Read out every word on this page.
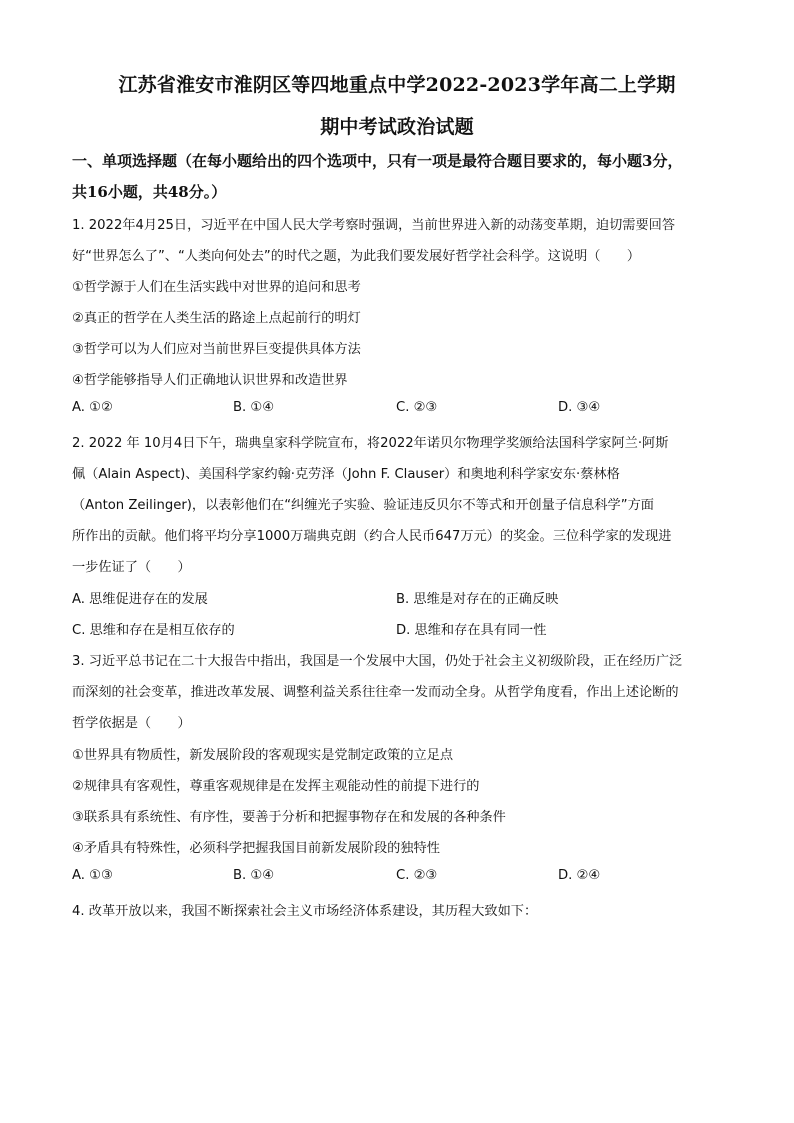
江苏省淮安市淮阴区等四地重点中学2022-2023学年高二上学期
期中考试政治试题
一、单项选择题（在每小题给出的四个选项中，只有一项是最符合题目要求的，每小题3分，
共16小题，共48分。）
1. 2022年4月25日，习近平在中国人民大学考察时强调，当前世界进入新的动荡变革期，迫切需要回答
好“世界怎么了”、“人类向何处去”的时代之题，为此我们要发展好哲学社会科学。这说明（　　）
①哲学源于人们在生活实践中对世界的追问和思考
②真正的哲学在人类生活的路途上点起前行的明灯
③哲学可以为人们应对当前世界巨变提供具体方法
④哲学能够指导人们正确地认识世界和改造世界
A. ①②	B. ①④	C. ②③	D. ③④
2. 2022 年 10月4日下午，瑞典皇家科学院宣布，将2022年诺贝尔物理学奖颁给法国科学家阿兰·阿斯
佩（Alain Aspect)、美国科学家约翰·克劳泽（John F. Clauser）和奥地利科学家安东·蔡林格
（Anton Zeilinger)，以表彰他们在“纠缠光子实验、验证违反贝尔不等式和开创量子信息科学”方面
所作出的贡献。他们将平均分享1000万瑞典克朗（约合人民币647万元）的奖金。三位科学家的发现进
一步佐证了（　　）
A. 思维促进存在的发展	B. 思维是对存在的正确反映
C. 思维和存在是相互依存的	D. 思维和存在具有同一性
3. 习近平总书记在二十大报告中指出，我国是一个发展中大国，仍处于社会主义初级阶段，正在经历广泛
而深刻的社会变革，推进改革发展、调整利益关系往往牵一发而动全身。从哲学角度看，作出上述论断的
哲学依据是（　　）
①世界具有物质性，新发展阶段的客观现实是党制定政策的立足点
②规律具有客观性，尊重客观规律是在发挥主观能动性的前提下进行的
③联系具有系统性、有序性，要善于分析和把握事物存在和发展的各种条件
④矛盾具有特殊性，必须科学把握我国目前新发展阶段的独特性
A. ①③	B. ①④	C. ②③	D. ②④
4. 改革开放以来，我国不断探索社会主义市场经济体系建设，其历程大致如下：
